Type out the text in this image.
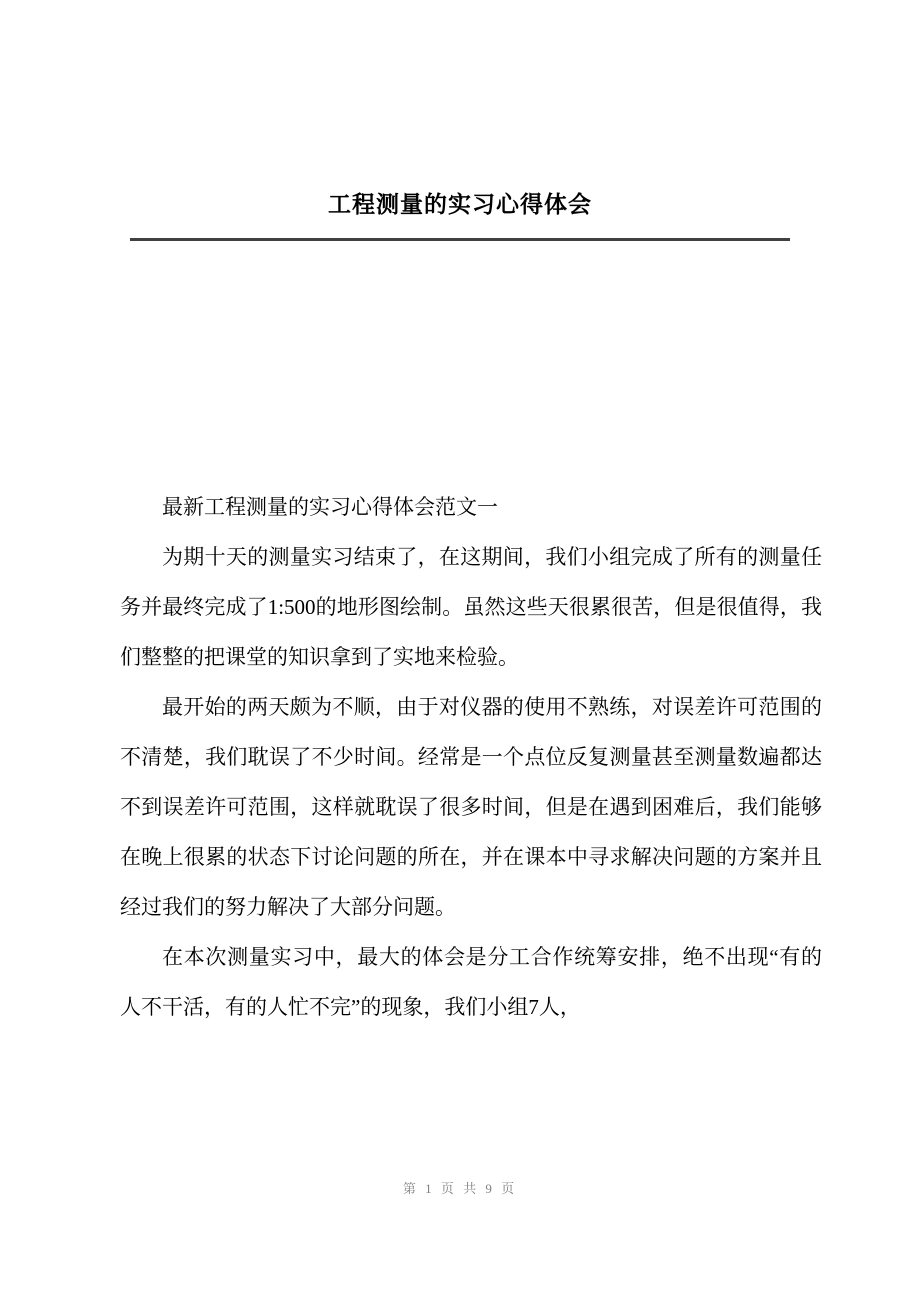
工程测量的实习心得体会

最新工程测量的实习心得体会范文一

为期十天的测量实习结束了，在这期间，我们小组完成了所有的测量任务并最终完成了1:500的地形图绘制。虽然这些天很累很苦，但是很值得，我们整整的把课堂的知识拿到了实地来检验。

最开始的两天颇为不顺，由于对仪器的使用不熟练，对误差许可范围的不清楚，我们耽误了不少时间。经常是一个点位反复测量甚至测量数遍都达不到误差许可范围，这样就耽误了很多时间，但是在遇到困难后，我们能够在晚上很累的状态下讨论问题的所在，并在课本中寻求解决问题的方案并且经过我们的努力解决了大部分问题。

在本次测量实习中，最大的体会是分工合作统筹安排，绝不出现“有的人不干活，有的人忙不完”的现象，我们小组7人，

第 1 页 共 9 页
